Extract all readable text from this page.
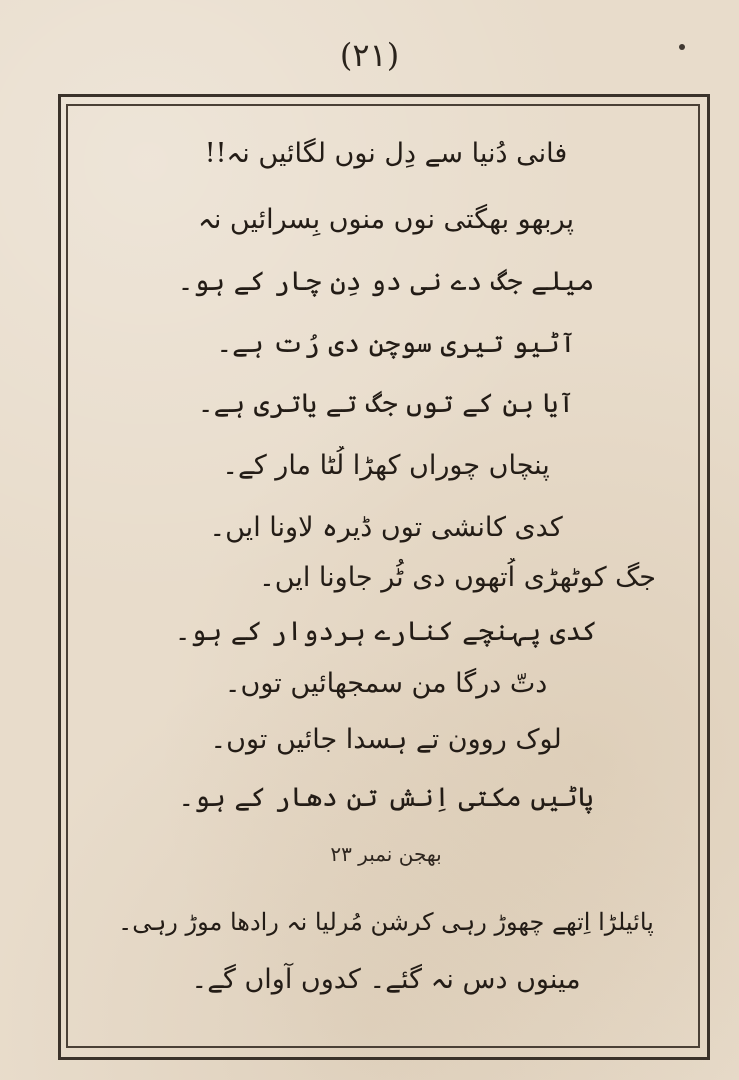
(۲۱)
فانی دُنیا سے دِل نوں لگائیں نہ!!
پربھو بھگتی نوں منوں بِسرائیں نہ
میلے جگ دے نی دو دِن چار کے ہو۔
آٹیو تیری سوچن دی رُت ہے۔
آیا بن کے توں جگ تے یاتری ہے۔
پنچاں چوراں کھڑا لُٹا مار کے۔
کدی کانشی توں ڈیرہ لاونا ایں۔
جگ کوٹھڑی اُتھوں دی ٹُر جاونا ایں۔
کدی پہنچے کنارے ہردوار کے ہو۔
دتّ درگا من سمجھائیں توں۔
لوک روون تے ہسدا جائیں توں۔
پاٹیں مکتی اِنش تن دھار کے ہو۔
بھجن نمبر ۲۳
پائیلڑا اِتھے چھوڑ رہی کرشن مُرلیا نہ رادھا موڑ رہی۔
مینوں دس نہ گئے۔ کدوں آواں گے۔
